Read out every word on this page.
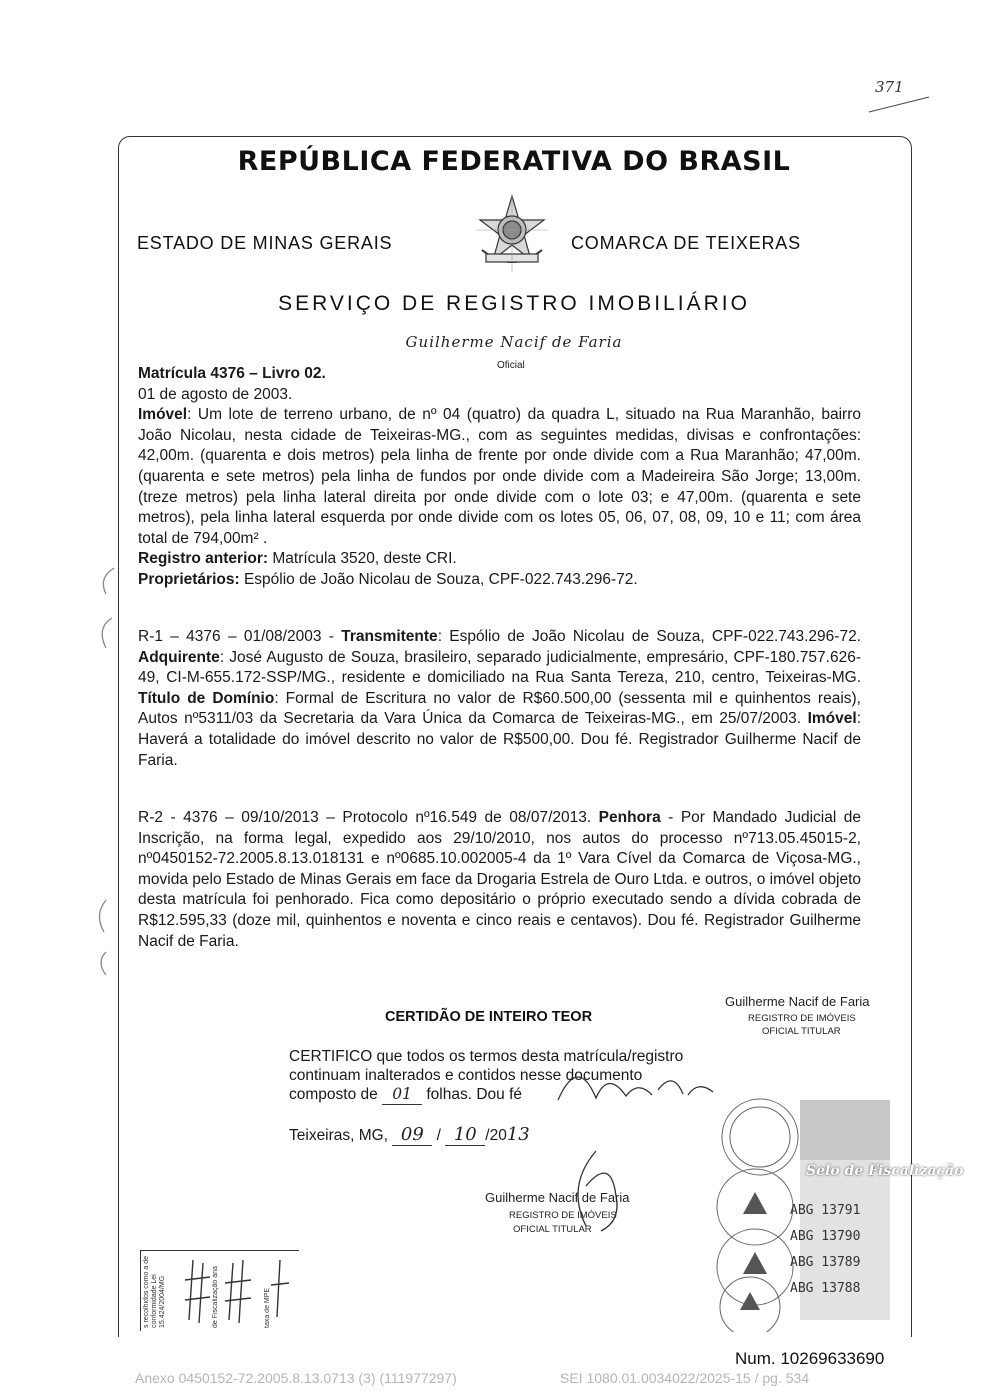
371
REPÚBLICA FEDERATIVA DO BRASIL
ESTADO DE MINAS GERAIS	COMARCA DE TEIXERAS
SERVIÇO DE REGISTRO IMOBILIÁRIO
Guilherme Nacif de Faria
Oficial
Matrícula 4376 – Livro 02.
01 de agosto de 2003.
Imóvel: Um lote de terreno urbano, de nº 04 (quatro) da quadra L, situado na Rua Maranhão, bairro João Nicolau, nesta cidade de Teixeiras-MG., com as seguintes medidas, divisas e confrontações: 42,00m. (quarenta e dois metros) pela linha de frente por onde divide com a Rua Maranhão; 47,00m. (quarenta e sete metros) pela linha de fundos por onde divide com a Madeireira São Jorge; 13,00m. (treze metros) pela linha lateral direita por onde divide com o lote 03; e 47,00m. (quarenta e sete metros), pela linha lateral esquerda por onde divide com os lotes 05, 06, 07, 08, 09, 10 e 11; com área total de 794,00m² .
Registro anterior: Matrícula 3520, deste CRI.
Proprietários: Espólio de João Nicolau de Souza, CPF-022.743.296-72.
R-1 – 4376 – 01/08/2003 - Transmitente: Espólio de João Nicolau de Souza, CPF-022.743.296-72. Adquirente: José Augusto de Souza, brasileiro, separado judicialmente, empresário, CPF-180.757.626-49, CI-M-655.172-SSP/MG., residente e domiciliado na Rua Santa Tereza, 210, centro, Teixeiras-MG. Título de Domínio: Formal de Escritura no valor de R$60.500,00 (sessenta mil e quinhentos reais), Autos nº5311/03 da Secretaria da Vara Única da Comarca de Teixeiras-MG., em 25/07/2003. Imóvel: Haverá a totalidade do imóvel descrito no valor de R$500,00. Dou fé. Registrador Guilherme Nacif de Faria.
R-2 - 4376 – 09/10/2013 – Protocolo nº16.549 de 08/07/2013. Penhora - Por Mandado Judicial de Inscrição, na forma legal, expedido aos 29/10/2010, nos autos do processo nº713.05.45015-2, nº0450152-72.2005.8.13.018131 e nº0685.10.002005-4 da 1º Vara Cível da Comarca de Viçosa-MG., movida pelo Estado de Minas Gerais em face da Drogaria Estrela de Ouro Ltda. e outros, o imóvel objeto desta matrícula foi penhorado. Fica como depositário o próprio executado sendo a dívida cobrada de R$12.595,33 (doze mil, quinhentos e noventa e cinco reais e centavos). Dou fé. Registrador Guilherme Nacif de Faria.
CERTIDÃO DE INTEIRO TEOR
Guilherme Nacif de Faria
REGISTRO DE IMÓVEIS
OFICIAL TITULAR
CERTIFICO que todos os termos desta matrícula/registro
continuam inalterados e contidos nesse documento
composto de 01 folhas. Dou fé
Teixeiras, MG, 09 / 10 /2013
Guilherme Nacif de Faria
REGISTRO DE IMÓVEIS
OFICIAL TITULAR
Selo de Fiscalização
ABG 13791
ABG 13790
ABG 13789
ABG 13788
s recolhidos como a de conformidade Lei 15.424/2004/MG	de Fiscalização ária	taxa de MPE
Num. 10269633690
Anexo 0450152-72.2005.8.13.0713 (3) (111977297)	SEI 1080.01.0034022/2025-15 / pg. 534
